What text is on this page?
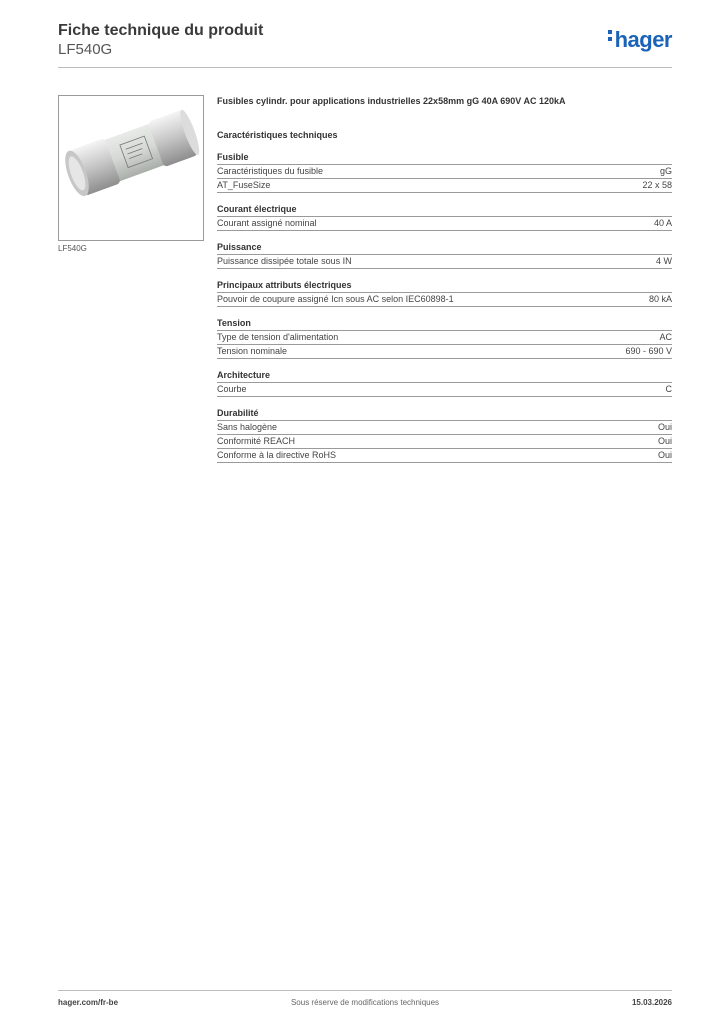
Fiche technique du produit
LF540G	hager
LF540G
Fusibles cylindr. pour applications industrielles 22x58mm gG 40A 690V AC 120kA
Caractéristiques techniques
Fusible
Caractéristiques du fusible	gG
AT_FuseSize	22 x 58
Courant électrique
Courant assigné nominal	40 A
Puissance
Puissance dissipée totale sous IN	4 W
Principaux attributs électriques
Pouvoir de coupure assigné Icn sous AC selon IEC60898-1	80 kA
Tension
Type de tension d'alimentation	AC
Tension nominale	690 - 690 V
Architecture
Courbe	C
Durabilité
Sans halogène	Oui
Conformité REACH	Oui
Conforme à la directive RoHS	Oui
hager.com/fr-be	Sous réserve de modifications techniques	15.03.2026
